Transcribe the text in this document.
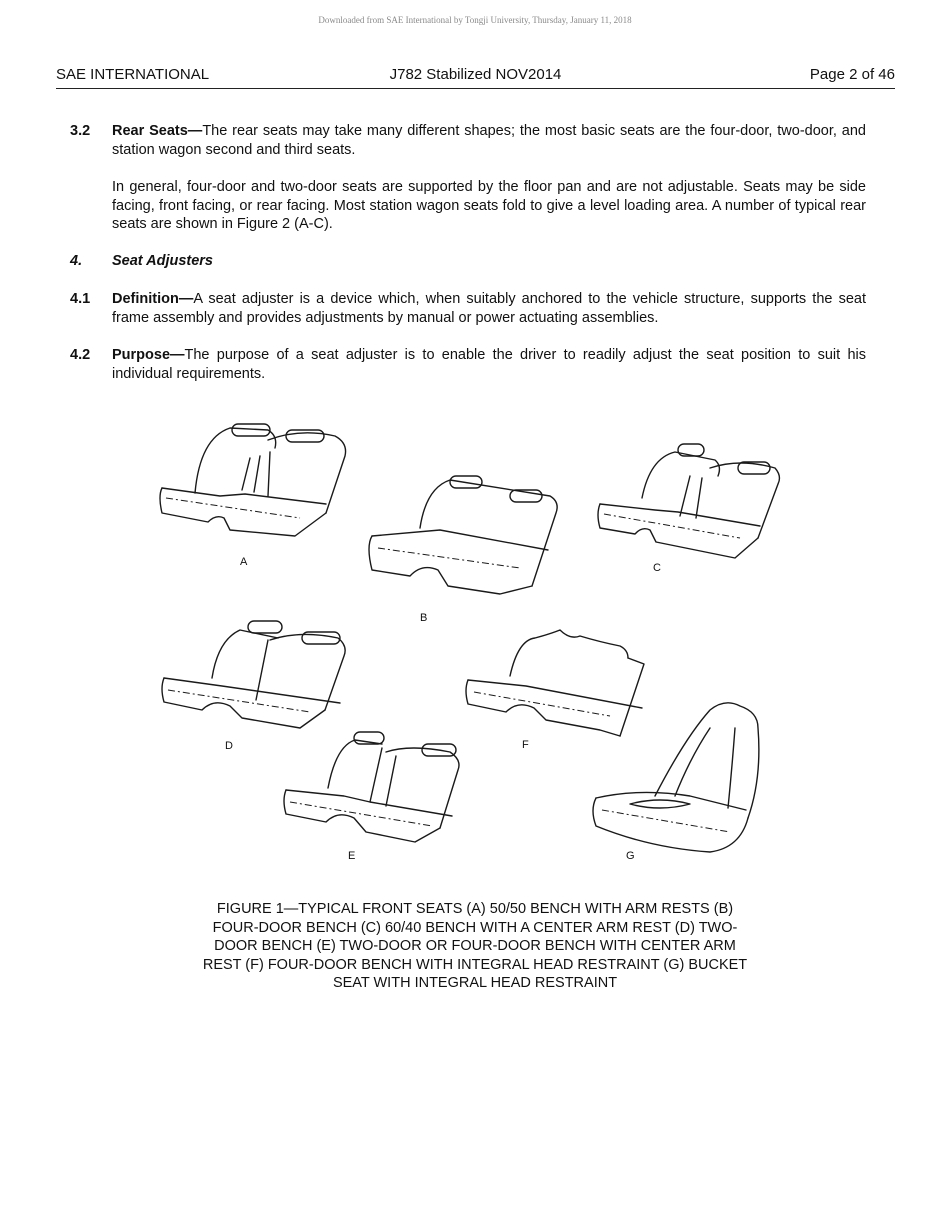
Downloaded from SAE International by Tongji University, Thursday, January 11, 2018
SAE INTERNATIONAL	J782 Stabilized NOV2014	Page 2 of 46
3.2 Rear Seats—The rear seats may take many different shapes; the most basic seats are the four-door, two-door, and station wagon second and third seats.
In general, four-door and two-door seats are supported by the floor pan and are not adjustable. Seats may be side facing, front facing, or rear facing. Most station wagon seats fold to give a level loading area. A number of typical rear seats are shown in Figure 2 (A-C).
4. Seat Adjusters
4.1 Definition—A seat adjuster is a device which, when suitably anchored to the vehicle structure, supports the seat frame assembly and provides adjustments by manual or power actuating assemblies.
4.2 Purpose—The purpose of a seat adjuster is to enable the driver to readily adjust the seat position to suit his individual requirements.
A
B
C
D	F
E	G
FIGURE 1—TYPICAL FRONT SEATS (A) 50/50 BENCH WITH ARM RESTS (B) FOUR-DOOR BENCH (C) 60/40 BENCH WITH A CENTER ARM REST (D) TWO-DOOR BENCH (E) TWO-DOOR OR FOUR-DOOR BENCH WITH CENTER ARM REST (F) FOUR-DOOR BENCH WITH INTEGRAL HEAD RESTRAINT (G) BUCKET SEAT WITH INTEGRAL HEAD RESTRAINT
